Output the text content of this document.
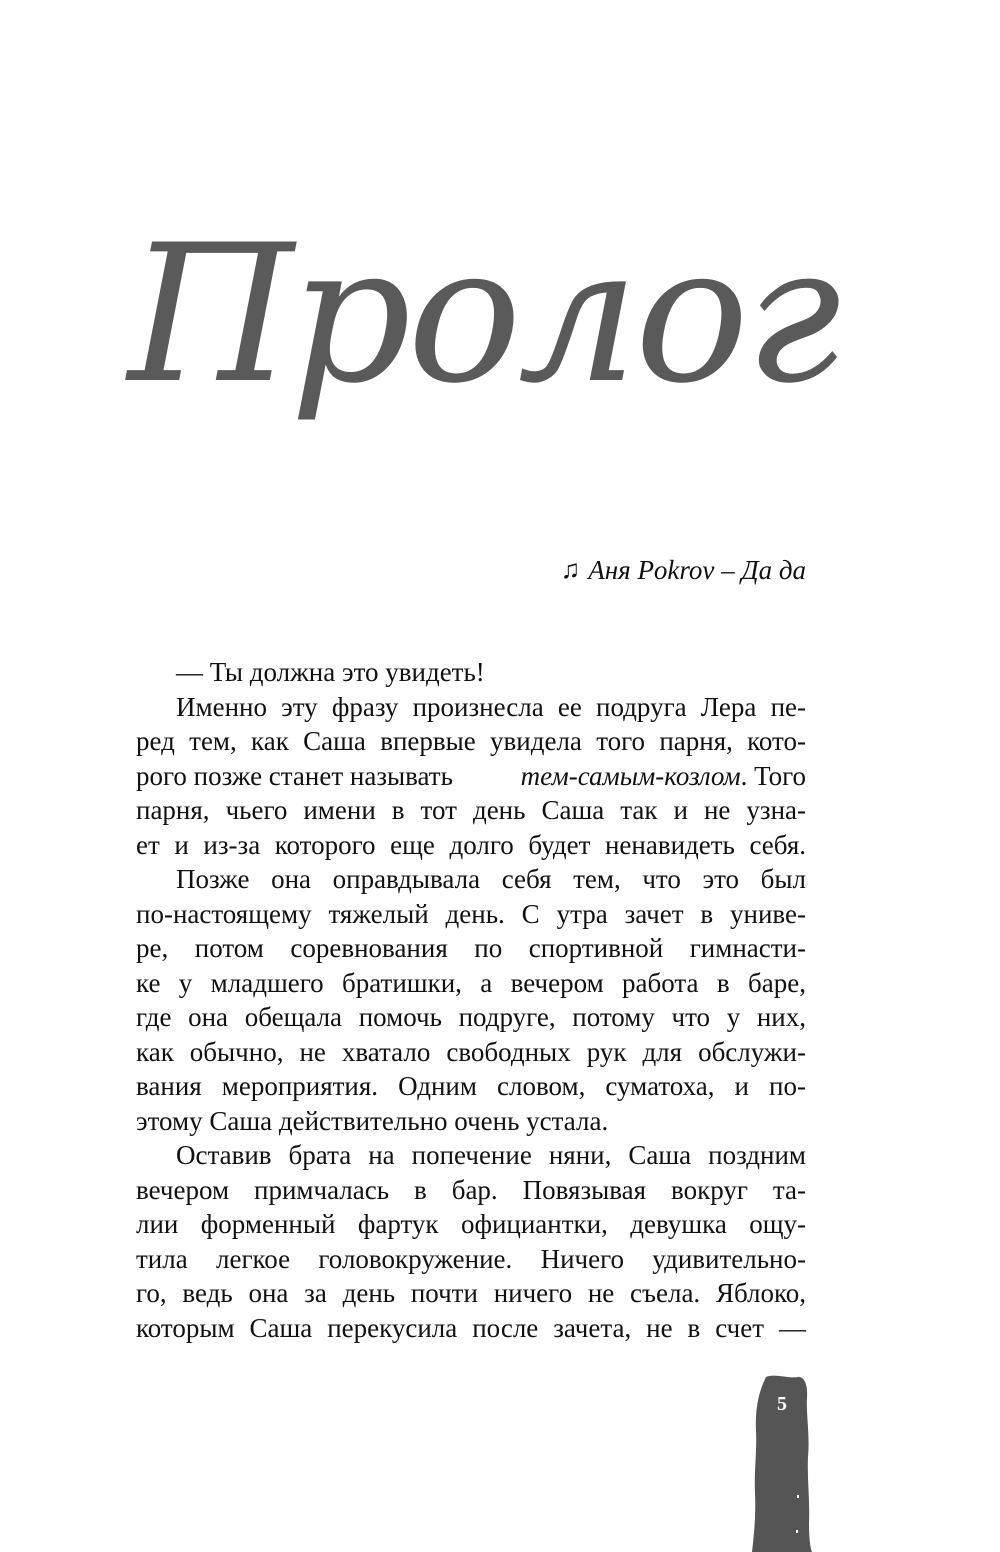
Пролог
♫ Аня Pokrov – Да да
— Ты должна это увидеть!
Именно эту фразу произнесла ее подруга Лера пе-
ред тем, как Саша впервые увидела того парня, кото-
рого позже станет называть	тем-самым-козлом. Того
парня, чьего имени в тот день Саша так и не узна-
ет и из-за которого еще долго будет ненавидеть себя.
Позже она оправдывала себя тем, что это был
по-настоящему тяжелый день. С утра зачет в униве-
ре, потом соревнования по спортивной гимнасти-
ке у младшего братишки, а вечером работа в баре,
где она обещала помочь подруге, потому что у них,
как обычно, не хватало свободных рук для обслужи-
вания мероприятия. Одним словом, суматоха, и по-
этому Саша действительно очень устала.
Оставив брата на попечение няни, Саша поздним
вечером примчалась в бар. Повязывая вокруг та-
лии форменный фартук официантки, девушка ощу-
тила легкое головокружение. Ничего удивительно-
го, ведь она за день почти ничего не съела. Яблоко,
которым Саша перекусила после зачета, не в счет —
5
